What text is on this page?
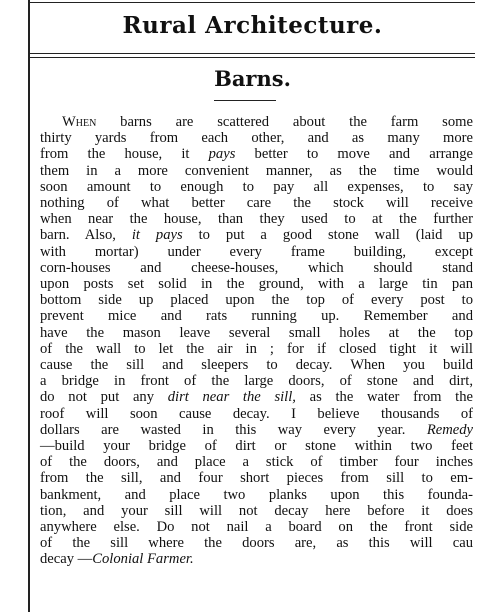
Rural Architecture.
Barns.
When barns are scattered about the farm some
thirty yards from each other, and as many more
from the house, it pays better to move and arrange
them in a more convenient manner, as the time would
soon amount to enough to pay all expenses, to say
nothing of what better care the stock will receive
when near the house, than they used to at the further
barn. Also, it pays to put a good stone wall (laid up
with mortar) under every frame building, except
corn-houses and cheese-houses, which should stand
upon posts set solid in the ground, with a large tin pan
bottom side up placed upon the top of every post to
prevent mice and rats running up. Remember and
have the mason leave several small holes at the top
of the wall to let the air in ; for if closed tight it will
cause the sill and sleepers to decay. When you build
a bridge in front of the large doors, of stone and dirt,
do not put any dirt near the sill, as the water from the
roof will soon cause decay. I believe thousands of
dollars are wasted in this way every year. Remedy
—build your bridge of dirt or stone within two feet
of the doors, and place a stick of timber four inches
from the sill, and four short pieces from sill to em-
bankment, and place two planks upon this founda-
tion, and your sill will not decay here before it does
anywhere else. Do not nail a board on the front side
of the sill where the doors are, as this will cau
decay —Colonial Farmer.
